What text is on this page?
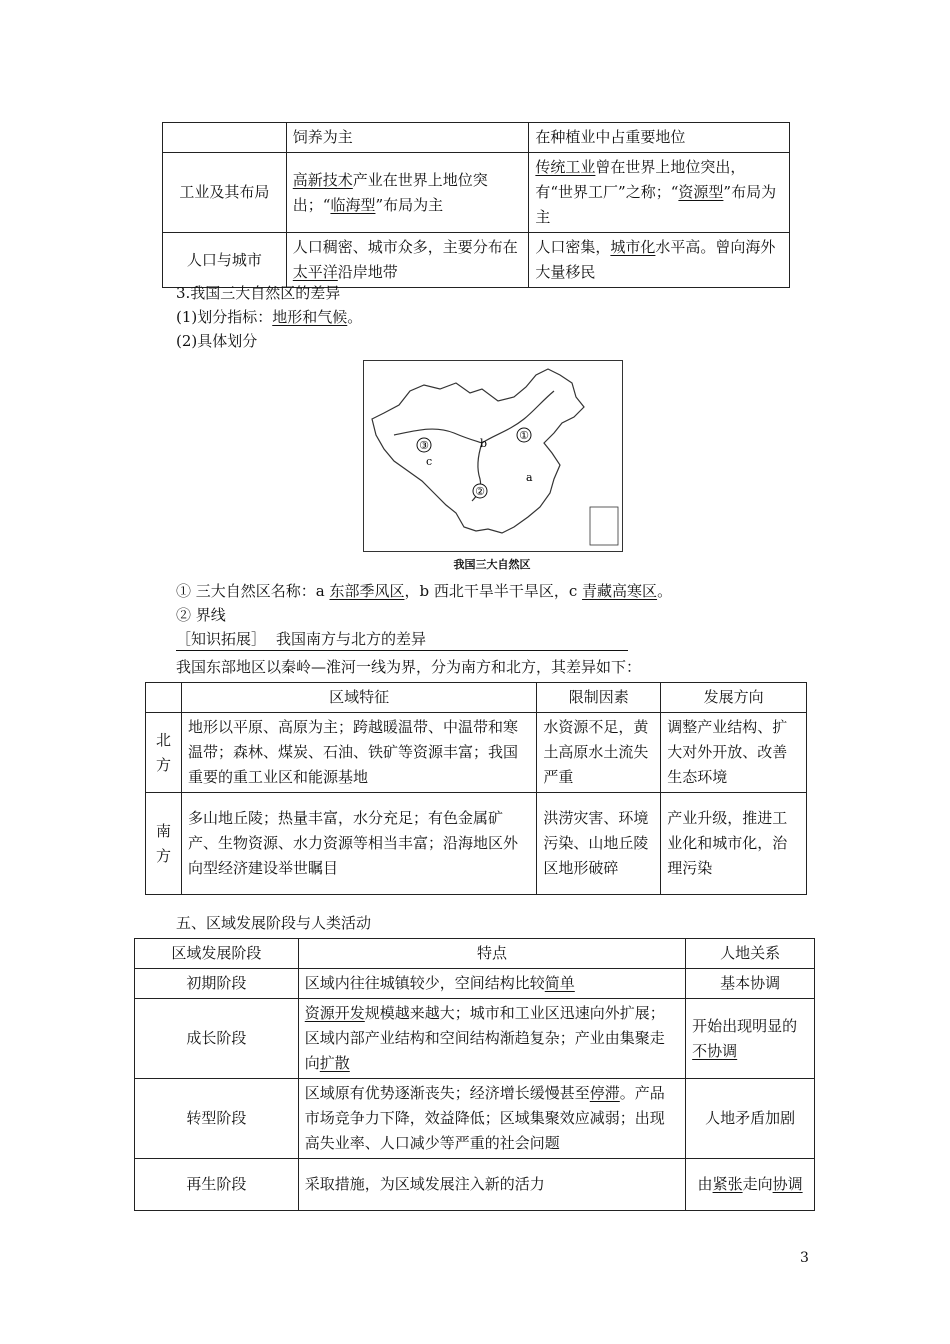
	饲养为主	在种植业中占重要地位
工业及其布局	高新技术产业在世界上地位突出；“临海型”布局为主	传统工业曾在世界上地位突出，有“世界工厂”之称；“资源型”布局为主
人口与城市	人口稠密、城市众多，主要分布在太平洋沿岸地带	人口密集，城市化水平高。曾向海外大量移民
3.我国三大自然区的差异
(1)划分指标：地形和气候。
(2)具体划分
①
③
②
a
b
c
我国三大自然区
① 三大自然区名称：a 东部季风区，b 西北干旱半干旱区，c 青藏高寒区。
② 界线
［知识拓展］ 我国南方与北方的差异
我国东部地区以秦岭—淮河一线为界，分为南方和北方，其差异如下：
	区域特征	限制因素	发展方向
北方	地形以平原、高原为主；跨越暖温带、中温带和寒温带；森林、煤炭、石油、铁矿等资源丰富；我国重要的重工业区和能源基地	水资源不足，黄土高原水土流失严重	调整产业结构、扩大对外开放、改善生态环境
南方	多山地丘陵；热量丰富，水分充足；有色金属矿产、生物资源、水力资源等相当丰富；沿海地区外向型经济建设举世瞩目	洪涝灾害、环境污染、山地丘陵区地形破碎	产业升级，推进工业化和城市化，治理污染
五、区域发展阶段与人类活动
区域发展阶段	特点	人地关系
初期阶段	区域内往往城镇较少，空间结构比较简单	基本协调
成长阶段	资源开发规模越来越大；城市和工业区迅速向外扩展；区域内部产业结构和空间结构渐趋复杂；产业由集聚走向扩散	开始出现明显的不协调
转型阶段	区域原有优势逐渐丧失；经济增长缓慢甚至停滞。产品市场竞争力下降，效益降低；区域集聚效应减弱；出现高失业率、人口减少等严重的社会问题	人地矛盾加剧
再生阶段	采取措施，为区域发展注入新的活力	由紧张走向协调
3
